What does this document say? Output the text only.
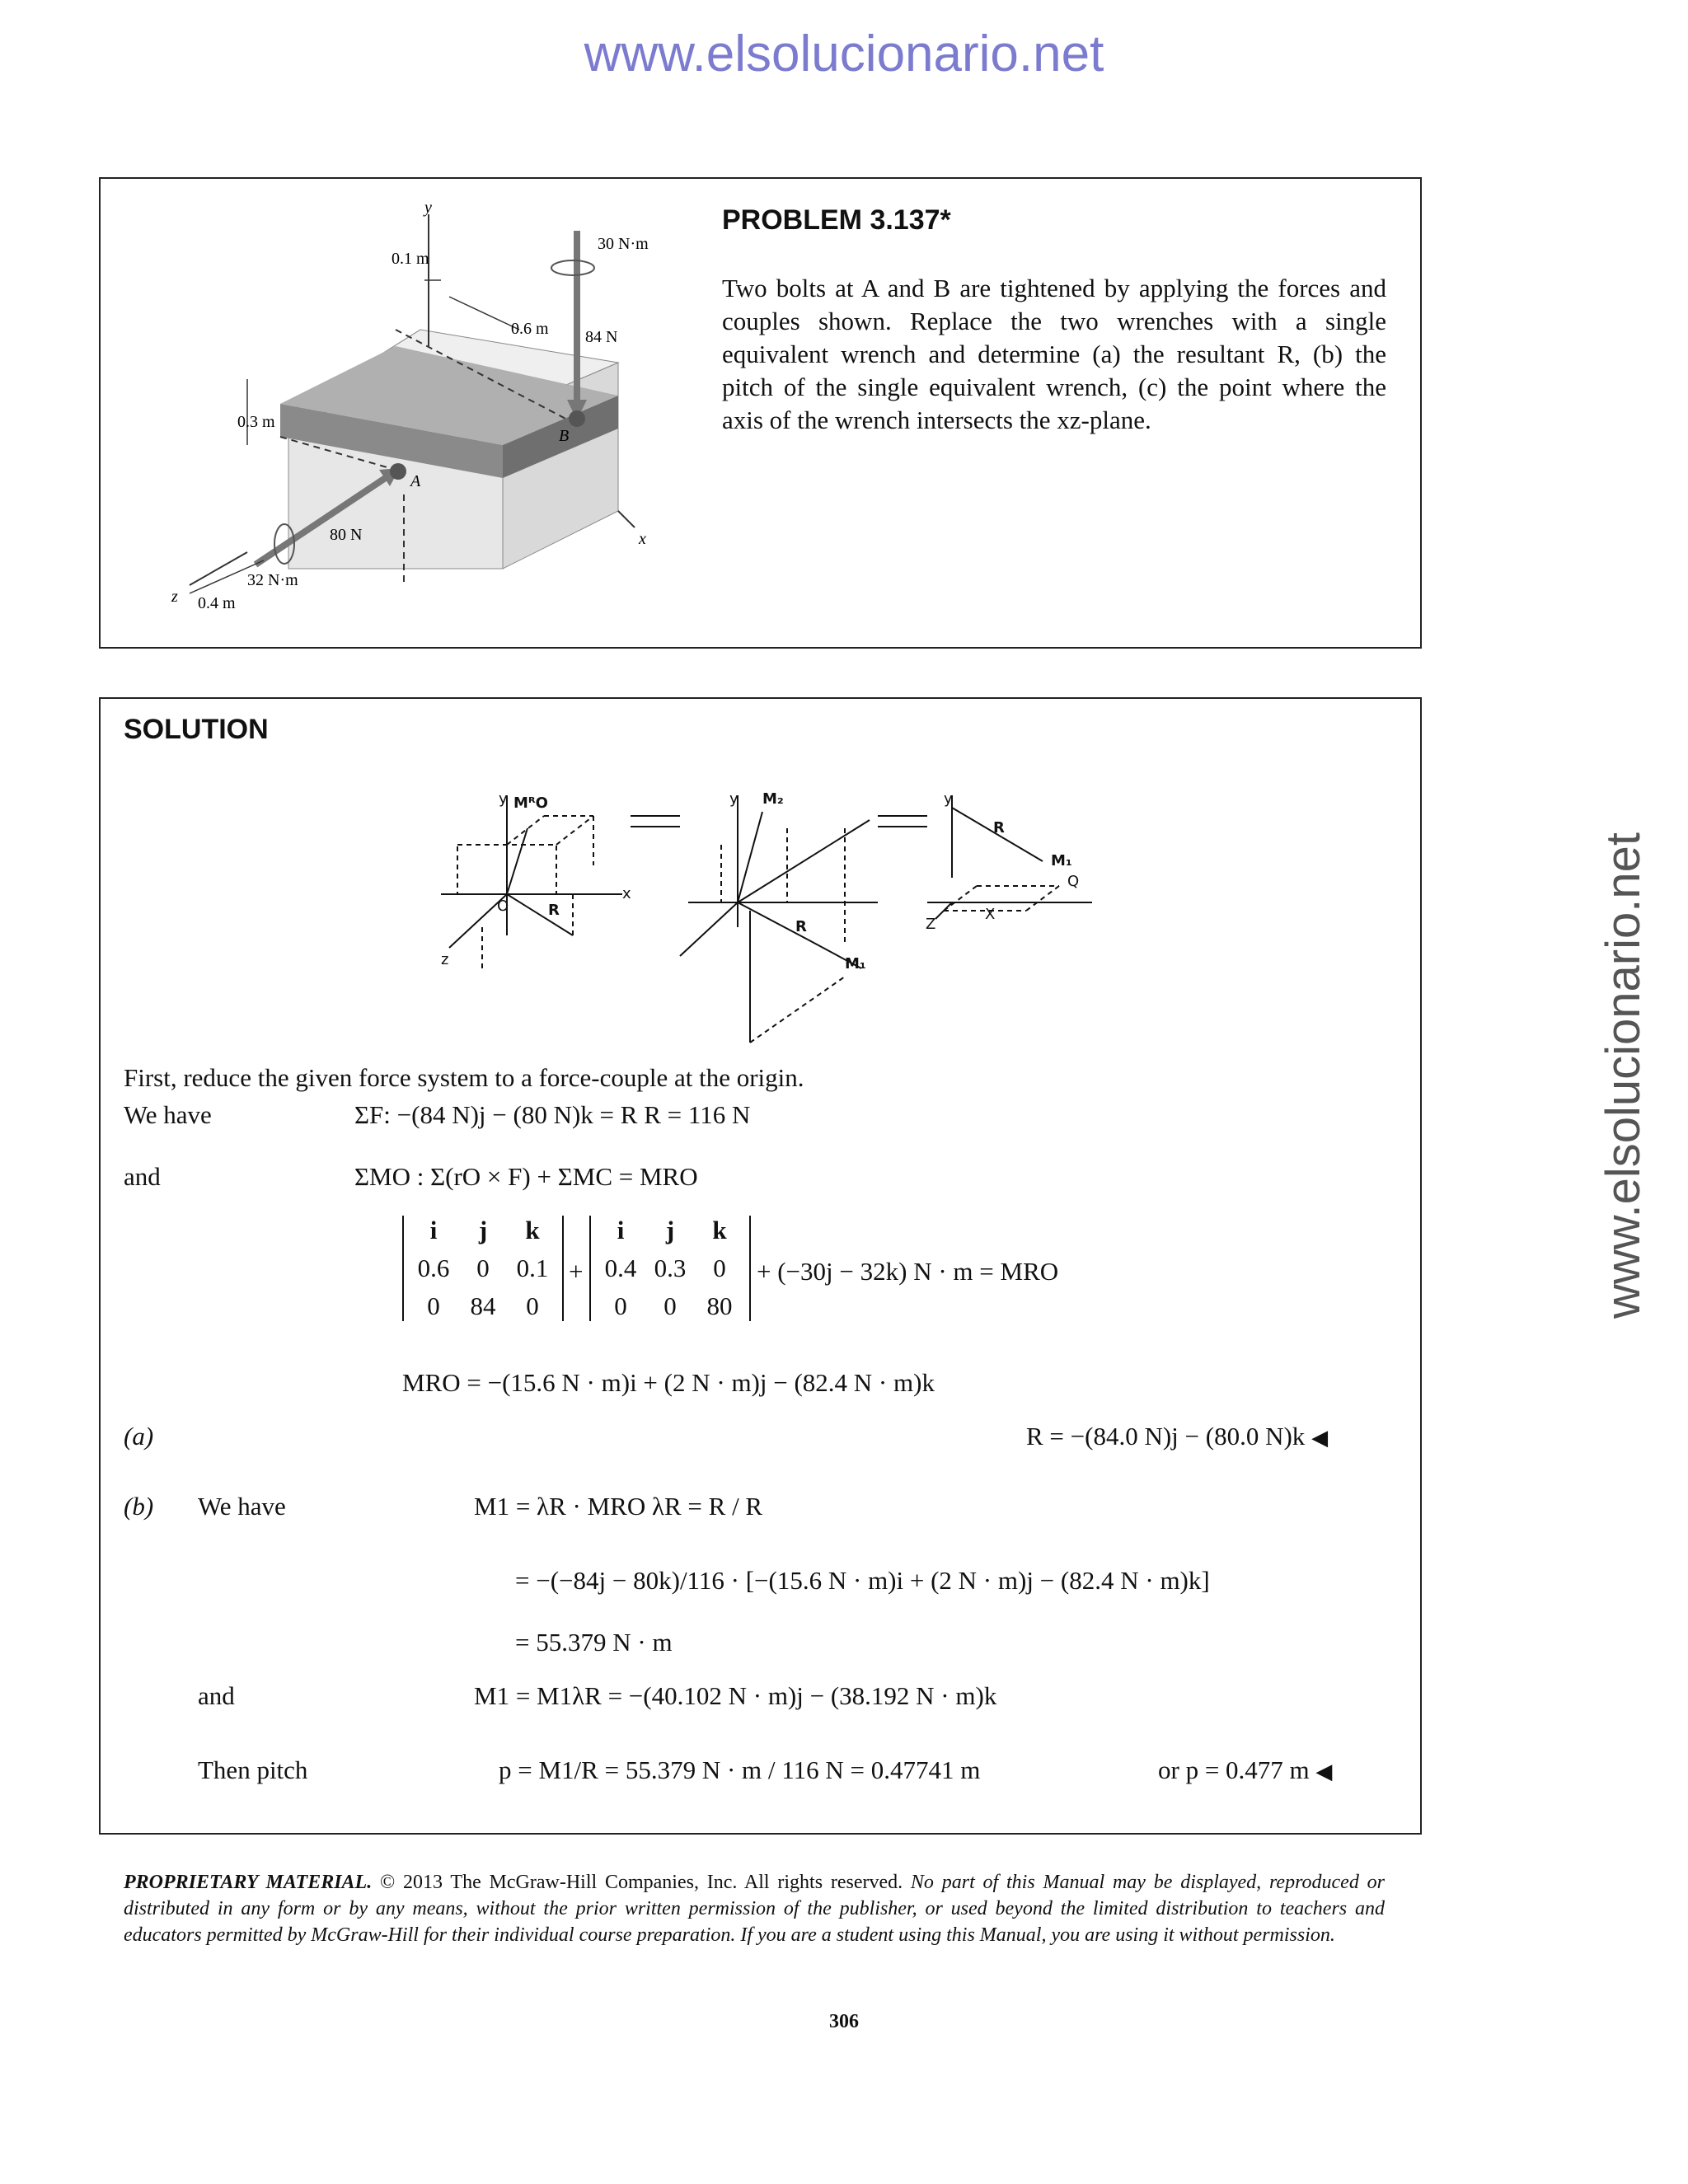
www.elsolucionario.net
www.elsolucionario.net
y
x
z
0.1 m
0.6 m
0.3 m
0.4 m
30 N·m
84 N
80 N
32 N·m
A
B
PROBLEM 3.137*
Two bolts at A and B are tightened by applying the forces and couples shown. Replace the two wrenches with a single equivalent wrench and determine (a) the resultant R, (b) the pitch of the single equivalent wrench, (c) the point where the axis of the wrench intersects the xz-plane.
SOLUTION
y MᴿO
x
z
O	R
y M₂
R
M₁
y
R
M₁
Q
X
Z
First, reduce the given force system to a force-couple at the origin.
We have	ΣF: −(84 N)j − (80 N)k = R R = 116 N
and	ΣMO : Σ(rO × F) + ΣMC = MRO
i	j	k
0.6	0	0.1
0	84	0
+
i	j	k
0.4 0.3	0
0	0	80
+ (−30j − 32k) N · m = MRO
MRO = −(15.6 N · m)i + (2 N · m)j − (82.4 N · m)k
(a)	R = −(84.0 N)j − (80.0 N)k ◀
(b) We have	M1 = λR · MRO λR = R / R
= −(−84j − 80k)/116 · [−(15.6 N · m)i + (2 N · m)j − (82.4 N · m)k]
= 55.379 N · m
and	M1 = M1λR = −(40.102 N · m)j − (38.192 N · m)k
Then pitch	p = M1/R = 55.379 N · m / 116 N = 0.47741 m	or p = 0.477 m ◀
PROPRIETARY MATERIAL. © 2013 The McGraw-Hill Companies, Inc. All rights reserved. No part of this Manual may be displayed, reproduced or distributed in any form or by any means, without the prior written permission of the publisher, or used beyond the limited distribution to teachers and educators permitted by McGraw-Hill for their individual course preparation. If you are a student using this Manual, you are using it without permission.
306
